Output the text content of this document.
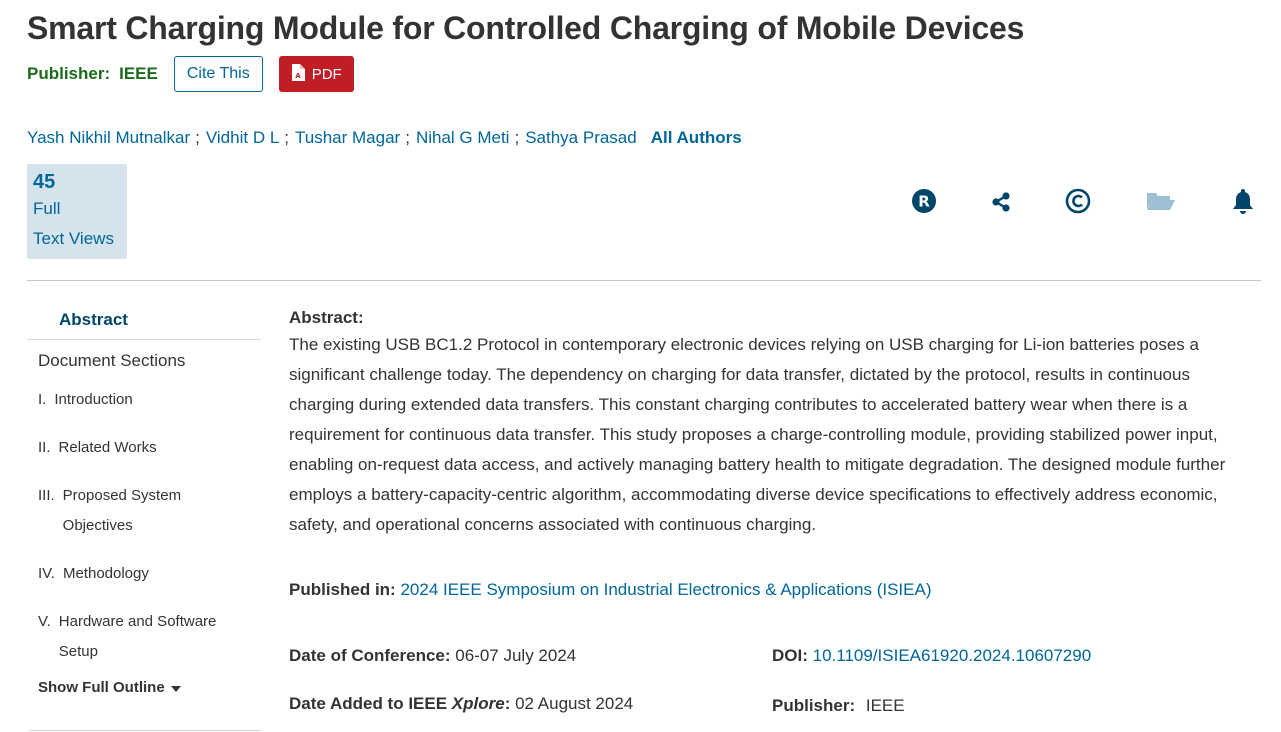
Smart Charging Module for Controlled Charging of Mobile Devices
Publisher: IEEE	Cite This	A PDF
Yash Nikhil Mutnalkar ; Vidhit D L ; Tushar Magar ; Nihal G Meti ; Sathya Prasad All Authors
45
Full
Text Views
R
Abstract
Document Sections
I. Introduction
II. Related Works
III. Proposed System Objectives
IV. Methodology
V. Hardware and Software Setup
Show Full Outline
Abstract:

The existing USB BC1.2 Protocol in contemporary electronic devices relying on USB charging for Li-ion batteries poses a significant challenge today. The dependency on charging for data transfer, dictated by the protocol, results in continuous charging during extended data transfers. This constant charging contributes to accelerated battery wear when there is a requirement for continuous data transfer. This study proposes a charge-controlling module, providing stabilized power input, enabling on-request data access, and actively managing battery health to mitigate degradation. The designed module further employs a battery-capacity-centric algorithm, accommodating diverse device specifications to effectively address economic, safety, and operational concerns associated with continuous charging.

Published in: 2024 IEEE Symposium on Industrial Electronics & Applications (ISIEA)
Date of Conference: 06-07 July 2024
Date Added to IEEE Xplore: 02 August 2024
DOI: 10.1109/ISIEA61920.2024.10607290
Publisher: IEEE
